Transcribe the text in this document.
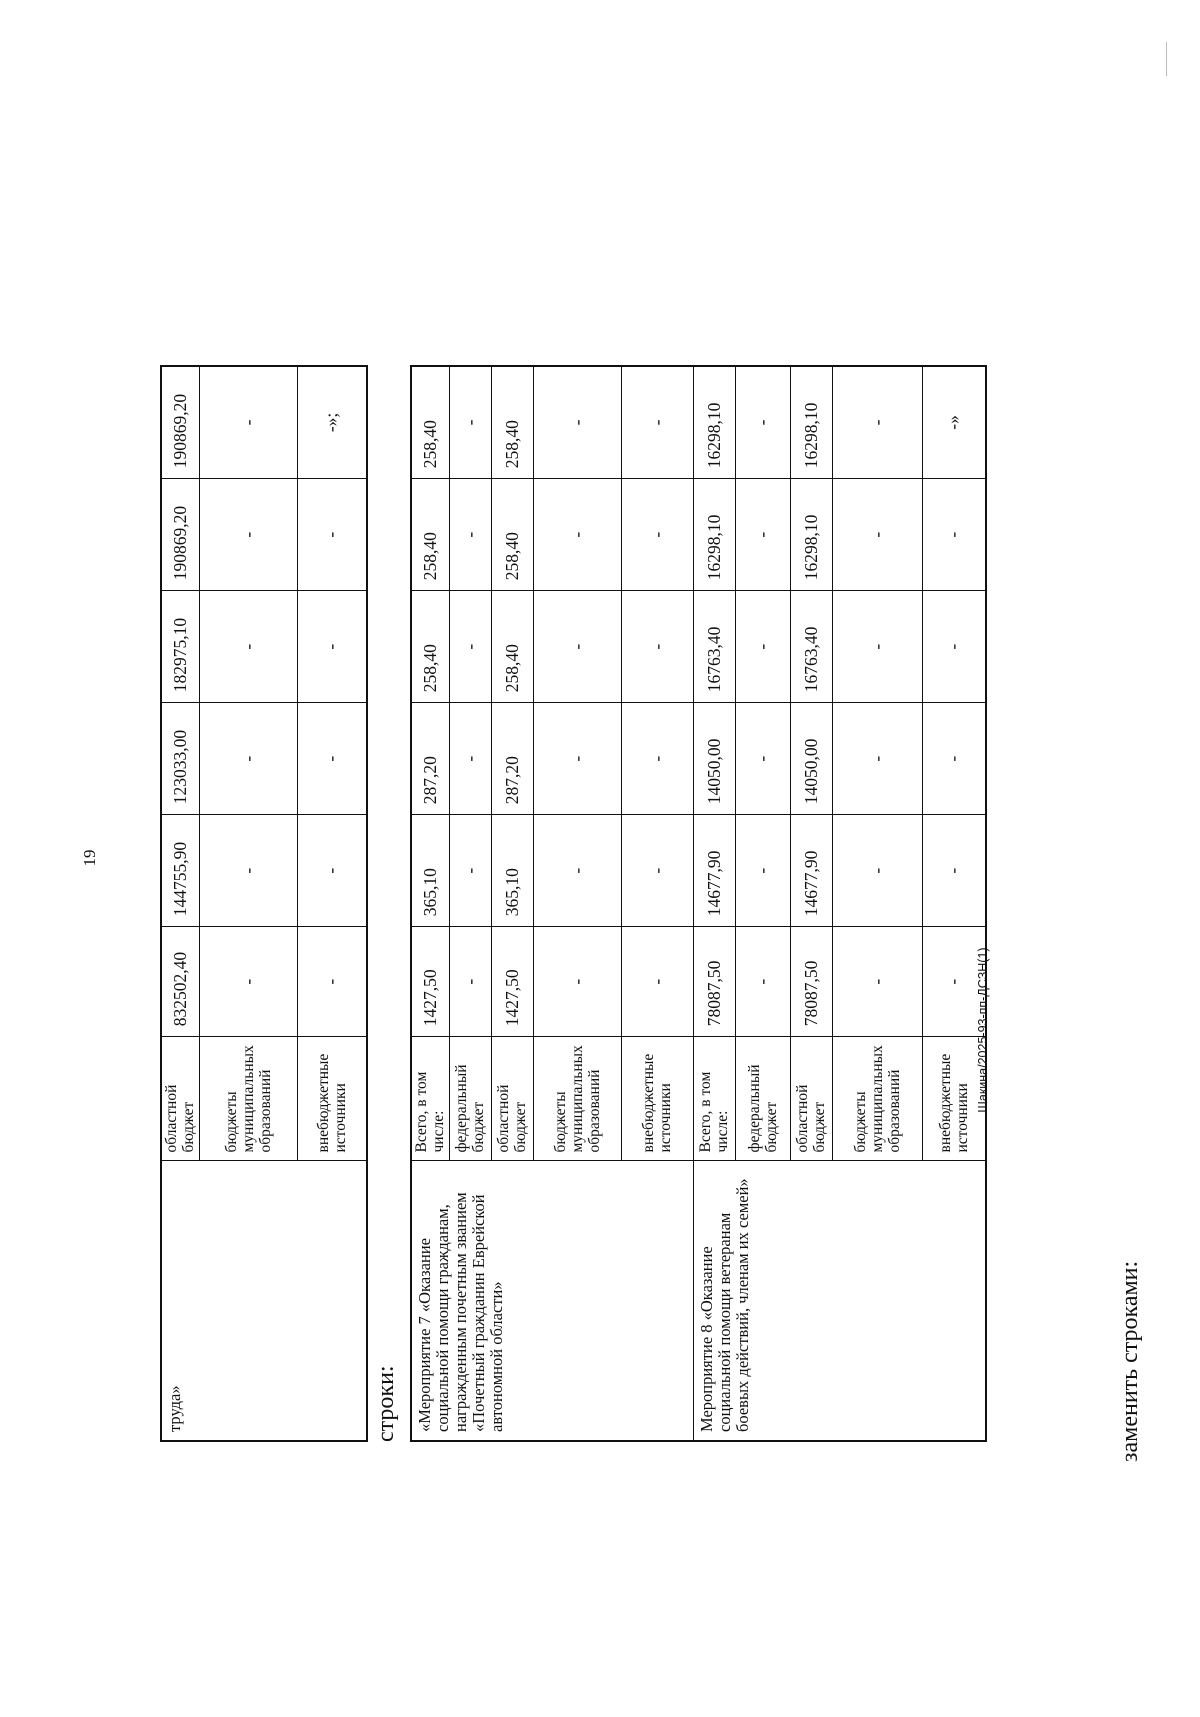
19
Шакина/2025-93-пп-ДСЗН(1)
труда»	областной бюджет	832502,40	144755,90	123033,00	182975,10	190869,20	190869,20
	бюджеты муниципальных образований	-	-	-	-	-	-
	внебюджетные источники	-	-	-	-	-	-»;
строки: «Мероприятие 7 «Оказание социальной помощи гражданам, награжденным почетным званием «Почетный гражданин Еврейской автономной области»	Всего, в том числе:	1427,50	365,10	287,20	258,40	258,40	258,40
	федеральный бюджет	-	-	-	-	-	-
	областной бюджет	1427,50	365,10	287,20	258,40	258,40	258,40
	бюджеты муниципальных образований	-	-	-	-	-	-
	внебюджетные источники	-	-	-	-	-	-
Мероприятие 8 «Оказание социальной помощи ветеранам боевых действий, членам их семей»	Всего, в том числе:	78087,50	14677,90	14050,00	16763,40	16298,10	16298,10
	федеральный бюджет	-	-	-	-	-	-
	областной бюджет	78087,50	14677,90	14050,00	16763,40	16298,10	16298,10
	бюджеты муниципальных образований	-	-	-	-	-	-
	внебюджетные источники	-	-	-	-	-	-»
заменить строками:
